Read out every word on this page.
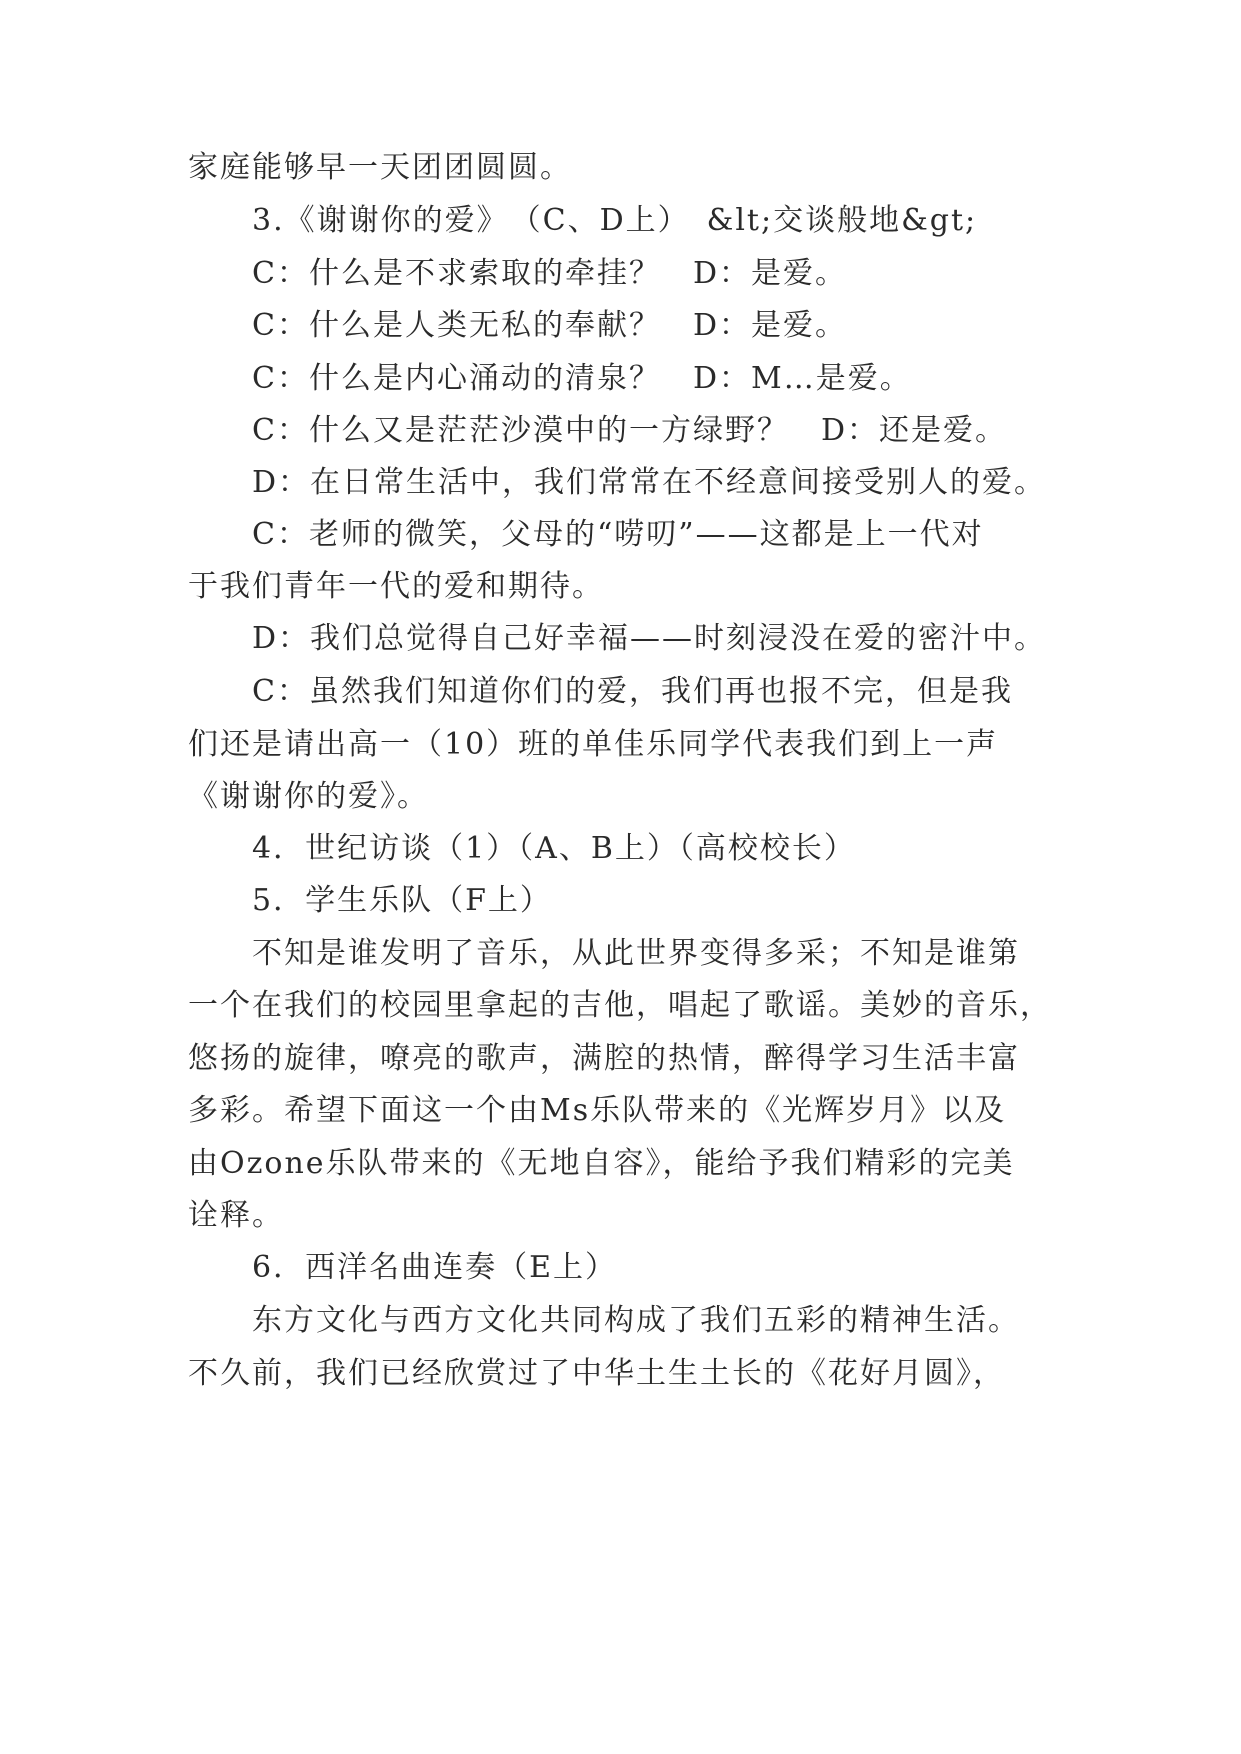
家庭能够早一天团团圆圆。
3.《谢谢你的爱》　（C、D上）　&lt;交谈般地&gt;
C：什么是不求索取的牵挂？　D：是爱。
C：什么是人类无私的奉献？　D：是爱。
C：什么是内心涌动的清泉？　D：M…是爱。
C：什么又是茫茫沙漠中的一方绿野？　D：还是爱。
D：在日常生活中，我们常常在不经意间接受别人的爱。
C：老师的微笑，父母的“唠叨”——这都是上一代对
于我们青年一代的爱和期待。
D：我们总觉得自己好幸福——时刻浸没在爱的密汁中。
C：虽然我们知道你们的爱，我们再也报不完，但是我
们还是请出高一（10）班的单佳乐同学代表我们到上一声
《谢谢你的爱》。
4．世纪访谈（1）（A、B上）（高校校长）
5．学生乐队（F上）
不知是谁发明了音乐，从此世界变得多采；不知是谁第
一个在我们的校园里拿起的吉他，唱起了歌谣。美妙的音乐，
悠扬的旋律，嘹亮的歌声，满腔的热情，醉得学习生活丰富
多彩。希望下面这一个由Ms乐队带来的《光辉岁月》以及
由Ozone乐队带来的《无地自容》，能给予我们精彩的完美
诠释。
6．西洋名曲连奏（E上）
东方文化与西方文化共同构成了我们五彩的精神生活。
不久前，我们已经欣赏过了中华土生土长的《花好月圆》，
